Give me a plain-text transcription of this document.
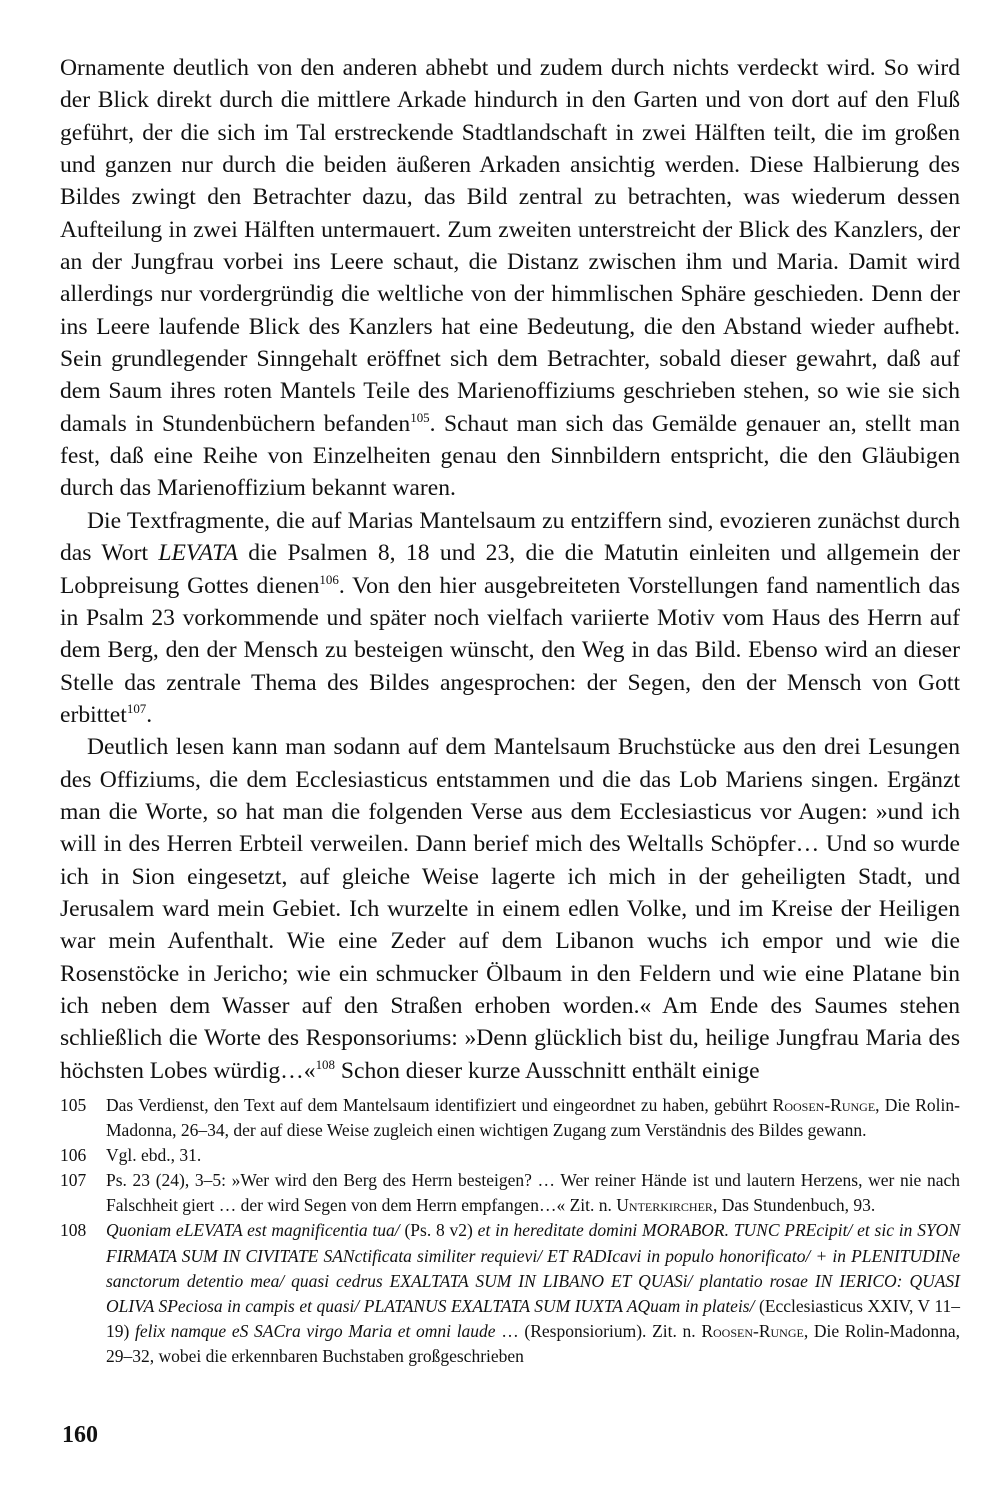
Ornamente deutlich von den anderen abhebt und zudem durch nichts verdeckt wird. So wird der Blick direkt durch die mittlere Arkade hindurch in den Garten und von dort auf den Fluß geführt, der die sich im Tal erstreckende Stadtlandschaft in zwei Hälften teilt, die im großen und ganzen nur durch die beiden äußeren Arkaden ansichtig werden. Diese Halbierung des Bildes zwingt den Betrachter dazu, das Bild zentral zu betrachten, was wiederum dessen Aufteilung in zwei Hälften untermauert. Zum zweiten unterstreicht der Blick des Kanzlers, der an der Jungfrau vorbei ins Leere schaut, die Distanz zwischen ihm und Maria. Damit wird allerdings nur vordergründig die weltliche von der himmlischen Sphäre geschieden. Denn der ins Leere laufende Blick des Kanzlers hat eine Bedeutung, die den Abstand wieder aufhebt. Sein grundlegender Sinngehalt eröffnet sich dem Betrachter, sobald dieser gewahrt, daß auf dem Saum ihres roten Mantels Teile des Marienoffiziums geschrieben stehen, so wie sie sich damals in Stundenbüchern befanden$^{105}$. Schaut man sich das Gemälde genauer an, stellt man fest, daß eine Reihe von Einzelheiten genau den Sinnbildern entspricht, die den Gläubigen durch das Marienoffizium bekannt waren.

Die Textfragmente, die auf Marias Mantelsaum zu entziffern sind, evozieren zunächst durch das Wort LEVATA die Psalmen 8, 18 und 23, die die Matutin einleiten und allgemein der Lobpreisung Gottes dienen$^{106}$. Von den hier ausgebreiteten Vorstellungen fand namentlich das in Psalm 23 vorkommende und später noch vielfach variierte Motiv vom Haus des Herrn auf dem Berg, den der Mensch zu besteigen wünscht, den Weg in das Bild. Ebenso wird an dieser Stelle das zentrale Thema des Bildes angesprochen: der Segen, den der Mensch von Gott erbittet$^{107}$.

Deutlich lesen kann man sodann auf dem Mantelsaum Bruchstücke aus den drei Lesungen des Offiziums, die dem Ecclesiasticus entstammen und die das Lob Mariens singen. Ergänzt man die Worte, so hat man die folgenden Verse aus dem Ecclesiasticus vor Augen: »und ich will in des Herren Erbteil verweilen. Dann berief mich des Weltalls Schöpfer… Und so wurde ich in Sion eingesetzt, auf gleiche Weise lagerte ich mich in der geheiligten Stadt, und Jerusalem ward mein Gebiet. Ich wurzelte in einem edlen Volke, und im Kreise der Heiligen war mein Aufenthalt. Wie eine Zeder auf dem Libanon wuchs ich empor und wie die Rosenstöcke in Jericho; wie ein schmucker Ölbaum in den Feldern und wie eine Platane bin ich neben dem Wasser auf den Straßen erhoben worden.« Am Ende des Saumes stehen schließlich die Worte des Responsoriums: »Denn glücklich bist du, heilige Jungfrau Maria des höchsten Lobes würdig…«$^{108}$ Schon dieser kurze Ausschnitt enthält einige

105	Das Verdienst, den Text auf dem Mantelsaum identifiziert und eingeordnet zu haben, gebührt Roosen-Runge, Die Rolin-Madonna, 26–34, der auf diese Weise zugleich einen wichtigen Zugang zum Verständnis des Bildes gewann.
106	Vgl. ebd., 31.
107	Ps. 23 (24), 3–5: »Wer wird den Berg des Herrn besteigen? … Wer reiner Hände ist und lautern Herzens, wer nie nach Falschheit giert … der wird Segen von dem Herrn empfangen…« Zit. n. Unterkircher, Das Stundenbuch, 93.
108	Quoniam eLEVATA est magnificentia tua/ (Ps. 8 v2) et in hereditate domini MORABOR. TUNC PREcipit/ et sic in SYON FIRMATA SUM IN CIVITATE SANctificata similiter requievi/ ET RADIcavi in populo honorificato/ + in PLENITUDINe sanctorum detentio mea/ quasi cedrus EXALTATA SUM IN LIBANO ET QUASi/ plantatio rosae IN IERICO: QUASI OLIVA SPeciosa in campis et quasi/ PLATANUS EXALTATA SUM IUXTA AQuam in plateis/ (Ecclesiasticus XXIV, V 11–19) felix namque eS SACra virgo Maria et omni laude … (Responsiorium). Zit. n. Roosen-Runge, Die Rolin-Madonna, 29–32, wobei die erkennbaren Buchstaben großgeschrieben
160
